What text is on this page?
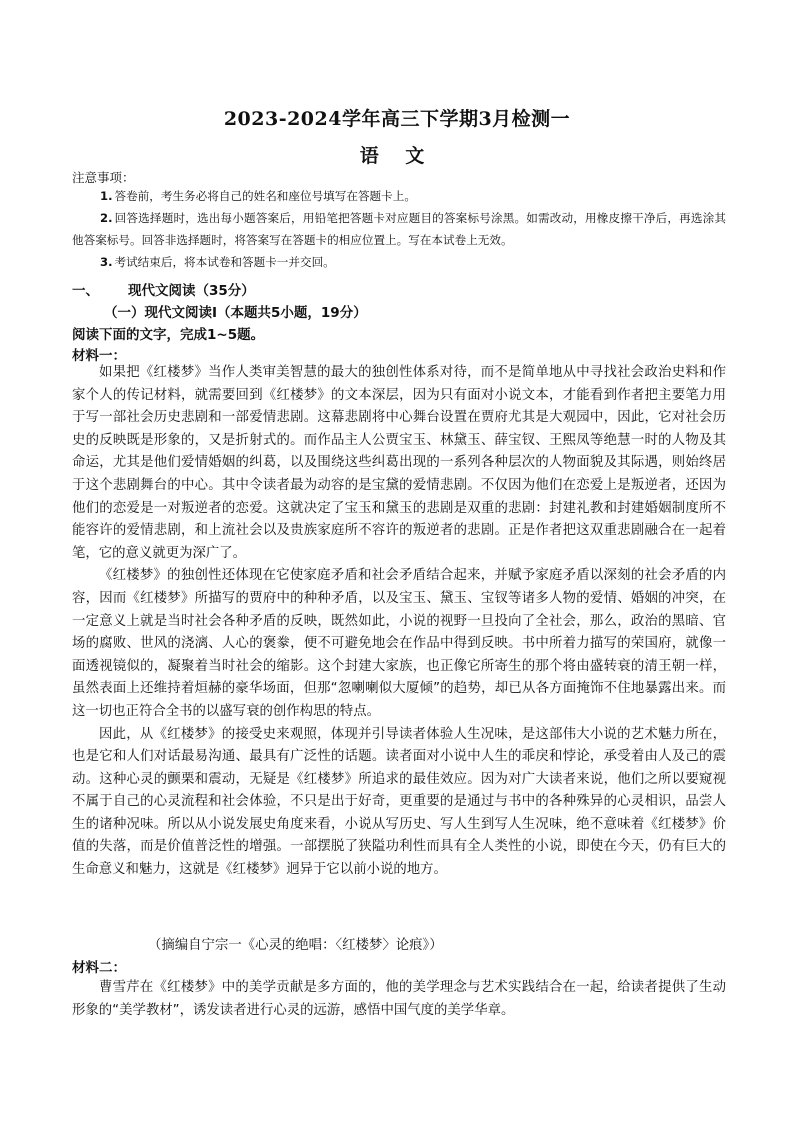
2023-2024学年高三下学期3月检测一
语 文
注意事项：

1. 答卷前，考生务必将自己的姓名和座位号填写在答题卡上。

2. 回答选择题时，选出每小题答案后，用铅笔把答题卡对应题目的答案标号涂黑。如需改动，用橡皮擦干净后，再选涂其他答案标号。回答非选择题时，将答案写在答题卡的相应位置上。写在本试卷上无效。

3. 考试结束后，将本试卷和答题卡一并交回。

一、 现代文阅读（35分）
（一）现代文阅读Ⅰ（本题共5小题，19分）
阅读下面的文字，完成1~5题。
材料一：

如果把《红楼梦》当作人类审美智慧的最大的独创性体系对待，而不是简单地从中寻找社会政治史料和作家个人的传记材料，就需要回到《红楼梦》的文本深层，因为只有面对小说文本，才能看到作者把主要笔力用于写一部社会历史悲剧和一部爱情悲剧。这幕悲剧将中心舞台设置在贾府尤其是大观园中，因此，它对社会历史的反映既是形象的，又是折射式的。而作品主人公贾宝玉、林黛玉、薛宝钗、王熙凤等绝慧一时的人物及其命运，尤其是他们爱情婚姻的纠葛，以及围绕这些纠葛出现的一系列各种层次的人物面貌及其际遇，则始终居于这个悲剧舞台的中心。其中令读者最为动容的是宝黛的爱情悲剧。不仅因为他们在恋爱上是叛逆者，还因为他们的恋爱是一对叛逆者的恋爱。这就决定了宝玉和黛玉的悲剧是双重的悲剧：封建礼教和封建婚姻制度所不能容许的爱情悲剧，和上流社会以及贵族家庭所不容许的叛逆者的悲剧。正是作者把这双重悲剧融合在一起着笔，它的意义就更为深广了。

《红楼梦》的独创性还体现在它使家庭矛盾和社会矛盾结合起来，并赋予家庭矛盾以深刻的社会矛盾的内容，因而《红楼梦》所描写的贾府中的种种矛盾，以及宝玉、黛玉、宝钗等诸多人物的爱情、婚姻的冲突，在一定意义上就是当时社会各种矛盾的反映，既然如此，小说的视野一旦投向了全社会，那么，政治的黑暗、官场的腐败、世风的浇漓、人心的褒豢，便不可避免地会在作品中得到反映。书中所着力描写的荣国府，就像一面透视镜似的，凝聚着当时社会的缩影。这个封建大家族，也正像它所寄生的那个将由盛转衰的清王朝一样，虽然表面上还维持着烜赫的豪华场面，但那“忽喇喇似大厦倾”的趋势，却已从各方面掩饰不住地暴露出来。而这一切也正符合全书的以盛写衰的创作构思的特点。

因此，从《红楼梦》的接受史来观照，体现并引导读者体验人生况味，是这部伟大小说的艺术魅力所在，也是它和人们对话最易沟通、最具有广泛性的话题。读者面对小说中人生的乖戾和悖论，承受着由人及己的震动。这种心灵的颤栗和震动，无疑是《红楼梦》所追求的最佳效应。因为对广大读者来说，他们之所以要窥视不属于自己的心灵流程和社会体验，不只是出于好奇，更重要的是通过与书中的各种殊异的心灵相识，品尝人生的诸种况味。所以从小说发展史角度来看，小说从写历史、写人生到写人生况味，绝不意味着《红楼梦》价值的失落，而是价值普泛性的增强。一部摆脱了狭隘功利性而具有全人类性的小说，即使在今天，仍有巨大的生命意义和魅力，这就是《红楼梦》迥异于它以前小说的地方。

（摘编自宁宗一《心灵的绝唱：〈红楼梦〉论痕》）
材料二：

曹雪芹在《红楼梦》中的美学贡献是多方面的，他的美学理念与艺术实践结合在一起，给读者提供了生动形象的“美学教材”，诱发读者进行心灵的远游，感悟中国气度的美学华章。
